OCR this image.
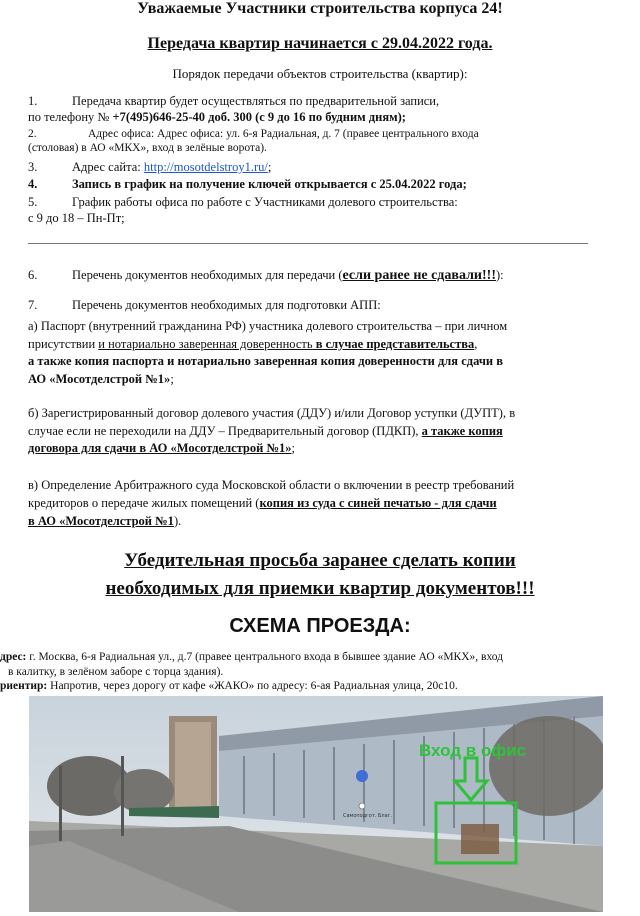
Уважаемые Участники строительства корпуса 24!
Передача квартир начинается с 29.04.2022 года.
Порядок передачи объектов строительства (квартир):
1.	Передача квартир будет осуществляться по предварительной записи,
по телефону № +7(495)646-25-40 доб. 300 (с 9 до 16 по будним дням);
2.	Адрес офиса: Адрес офиса: ул. 6-я Радиальная, д. 7 (правее центрального входа
(столовая) в АО «МКХ», вход в зелёные ворота).
3.	Адрес сайта: http://mosotdelstroy1.ru/;
4.	Запись в график на получение ключей открывается с 25.04.2022 года;
5.	График работы офиса по работе с Участниками долевого строительства:
с 9 до 18 – Пн-Пт;
6.	Перечень документов необходимых для передачи (если ранее не сдавали!!!):
7.	Перечень документов необходимых для подготовки АПП:
а) Паспорт (внутренний гражданина РФ) участника долевого строительства – при личном
присутствии и нотариально заверенная доверенность в случае представительства,
а также копия паспорта и нотариально заверенная копия доверенности для сдачи в
АО «Мосотделстрой №1»;
б) Зарегистрированный договор долевого участия (ДДУ) и/или Договор уступки (ДУПТ), в
случае если не переходили на ДДУ – Предварительный договор (ПДКП), а также копия
договора для сдачи в АО «Мосотделстрой №1»;
в) Определение Арбитражного суда Московской области о включении в реестр требований
кредиторов о передаче жилых помещений (копия из суда с синей печатью - для сдачи
в АО «Мосотделстрой №1).
Убедительная просьба заранее сделать копии
необходимых для приемки квартир документов!!!
СХЕМА ПРОЕЗДА:
дрес: г. Москва, 6-я Радиальная ул., д.7 (правее центрального входа в бывшее здание АО «МКХ», вход
в калитку, в зелёном заборе с торца здания).
риентир: Напротив, через дорогу от кафе «ЖАКО» по адресу: 6-ая Радиальная улица, 20с10.
Самоподгот. Благ.
Вход в офис
